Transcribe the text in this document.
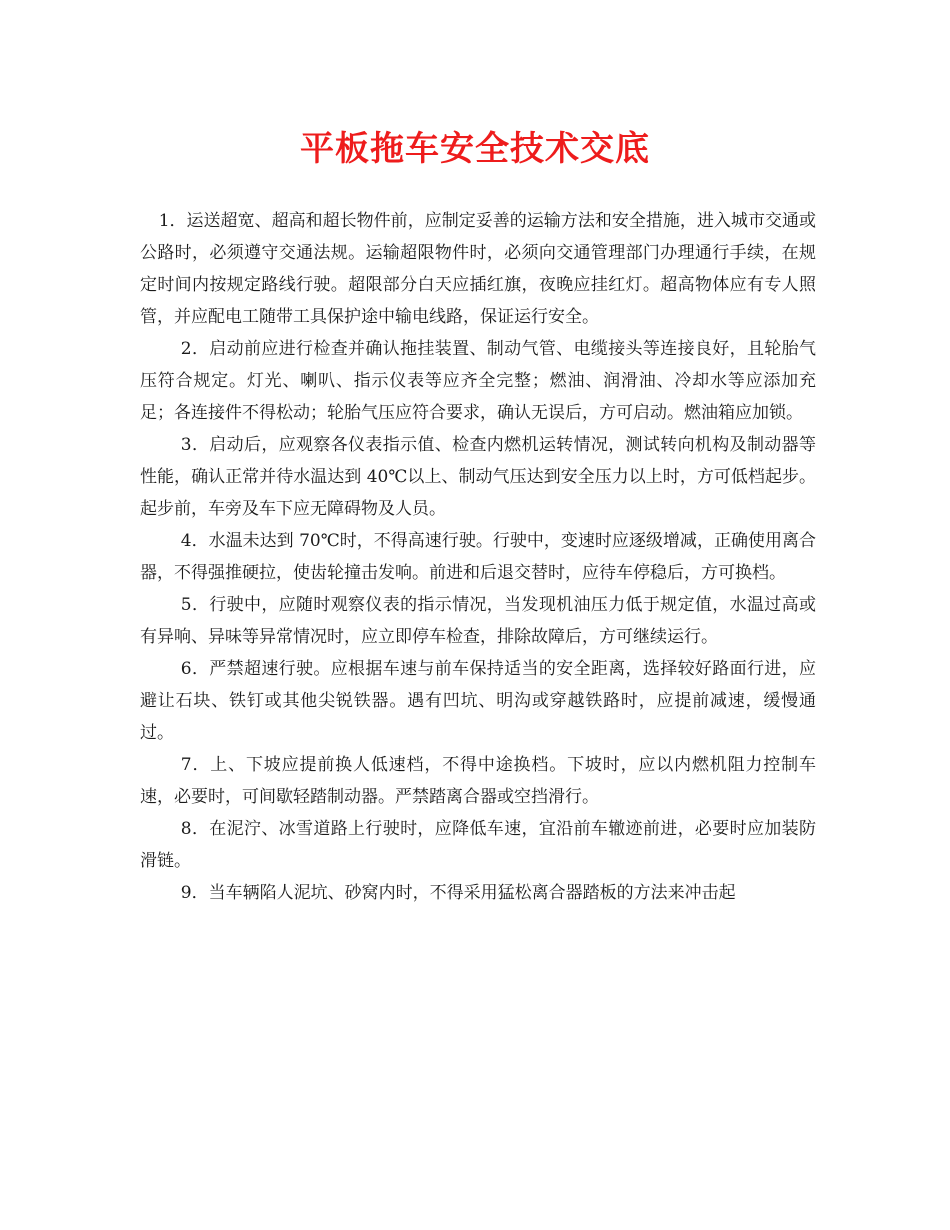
平板拖车安全技术交底

1．运送超宽、超高和超长物件前，应制定妥善的运输方法和安全措施，进入城市交通或公路时，必须遵守交通法规。运输超限物件时，必须向交通管理部门办理通行手续，在规定时间内按规定路线行驶。超限部分白天应插红旗，夜晚应挂红灯。超高物体应有专人照管，并应配电工随带工具保护途中输电线路，保证运行安全。

2．启动前应进行检查并确认拖挂装置、制动气管、电缆接头等连接良好，且轮胎气压符合规定。灯光、喇叭、指示仪表等应齐全完整；燃油、润滑油、冷却水等应添加充足；各连接件不得松动；轮胎气压应符合要求，确认无误后，方可启动。燃油箱应加锁。

3．启动后，应观察各仪表指示值、检查内燃机运转情况，测试转向机构及制动器等性能，确认正常并待水温达到 40℃以上、制动气压达到安全压力以上时，方可低档起步。起步前，车旁及车下应无障碍物及人员。

4．水温未达到 70℃时，不得高速行驶。行驶中，变速时应逐级增减，正确使用离合器，不得强推硬拉，使齿轮撞击发响。前进和后退交替时，应待车停稳后，方可换档。

5．行驶中，应随时观察仪表的指示情况，当发现机油压力低于规定值，水温过高或有异响、异味等异常情况时，应立即停车检查，排除故障后，方可继续运行。

6．严禁超速行驶。应根据车速与前车保持适当的安全距离，选择较好路面行进，应避让石块、铁钉或其他尖锐铁器。遇有凹坑、明沟或穿越铁路时，应提前减速，缓慢通过。

7．上、下坡应提前换人低速档，不得中途换档。下坡时，应以内燃机阻力控制车速，必要时，可间歇轻踏制动器。严禁踏离合器或空挡滑行。

8．在泥泞、冰雪道路上行驶时，应降低车速，宜沿前车辙迹前进，必要时应加装防滑链。

9．当车辆陷人泥坑、砂窝内时，不得采用猛松离合器踏板的方法来冲击起
